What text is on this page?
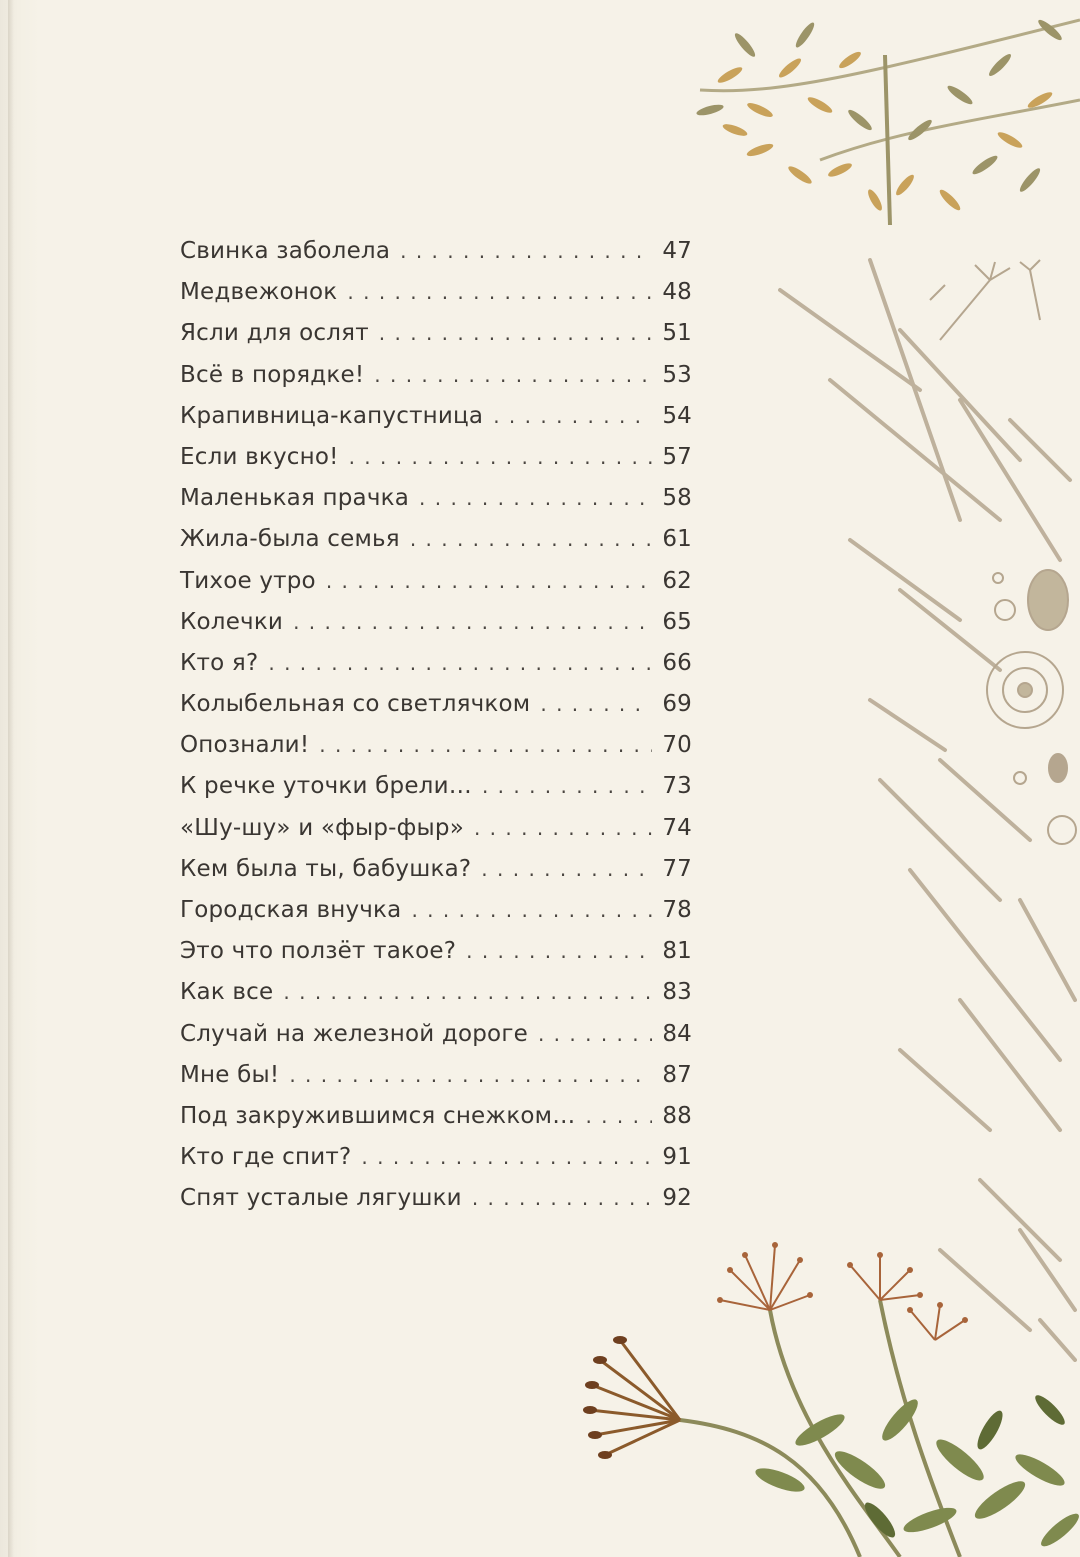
Свинка заболела . . .	47
Медвежонок . . .	48
Ясли для ослят . . .	51
Всё в порядке! . . .	53
Крапивница-капустница . . .	54
Если вкусно! . . .	57
Маленькая прачка . . .	58
Жила-была семья . . .	61
Тихое утро . . .	62
Колечки . . .	65
Кто я? . . .	66
Колыбельная со светлячком . . .	69
Опознали! . . .	70
К речке уточки брели… . . .	73
«Шу-шу» и «фыр-фыр» . . .	74
Кем была ты, бабушка? . . .	77
Городская внучка . . .	78
Это что ползёт такое? . . .	81
Как все . . .	83
Случай на железной дороге . . .	84
Мне бы! . . .	87
Под закружившимся снежком… . . .	88
Кто где спит? . . .	91
Спят усталые лягушки . . .	92
